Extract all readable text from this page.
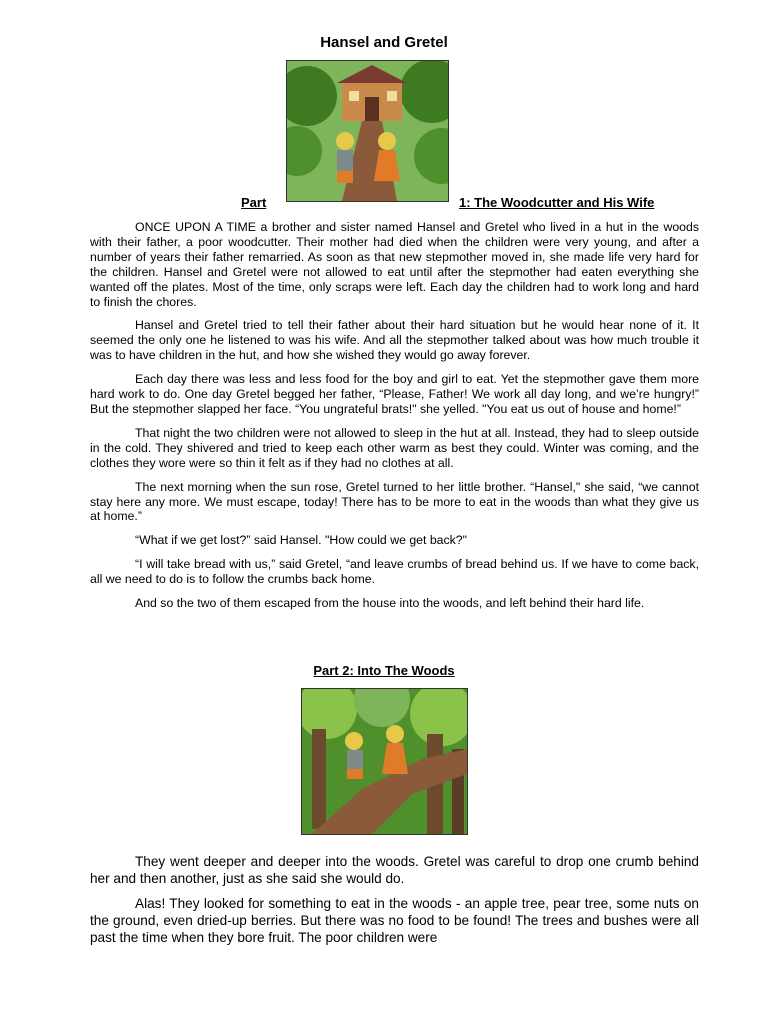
Hansel and Gretel
Part	1: The Woodcutter and His Wife

ONCE UPON A TIME a brother and sister named Hansel and Gretel who lived in a hut in the woods with their father, a poor woodcutter. Their mother had died when the children were very young, and after a number of years their father remarried. As soon as that new stepmother moved in, she made life very hard for the children. Hansel and Gretel were not allowed to eat until after the stepmother had eaten everything she wanted off the plates. Most of the time, only scraps were left. Each day the children had to work long and hard to finish the chores.

Hansel and Gretel tried to tell their father about their hard situation but he would hear none of it. It seemed the only one he listened to was his wife. And all the stepmother talked about was how much trouble it was to have children in the hut, and how she wished they would go away forever.

Each day there was less and less food for the boy and girl to eat. Yet the stepmother gave them more hard work to do. One day Gretel begged her father, “Please, Father! We work all day long, and we’re hungry!” But the stepmother slapped her face. “You ungrateful brats!" she yelled. "You eat us out of house and home!”

That night the two children were not allowed to sleep in the hut at all. Instead, they had to sleep outside in the cold. They shivered and tried to keep each other warm as best they could. Winter was coming, and the clothes they wore were so thin it felt as if they had no clothes at all.

The next morning when the sun rose, Gretel turned to her little brother. “Hansel," she said, “we cannot stay here any more. We must escape, today! There has to be more to eat in the woods than what they give us at home.”

“What if we get lost?” said Hansel. "How could we get back?"

“I will take bread with us,” said Gretel, “and leave crumbs of bread behind us. If we have to come back, all we need to do is to follow the crumbs back home.

And so the two of them escaped from the house into the woods, and left behind their hard life.

Part 2: Into The Woods

They went deeper and deeper into the woods. Gretel was careful to drop one crumb behind her and then another, just as she said she would do.

Alas! They looked for something to eat in the woods - an apple tree, pear tree, some nuts on the ground, even dried-up berries. But there was no food to be found! The trees and bushes were all past the time when they bore fruit. The poor children were
